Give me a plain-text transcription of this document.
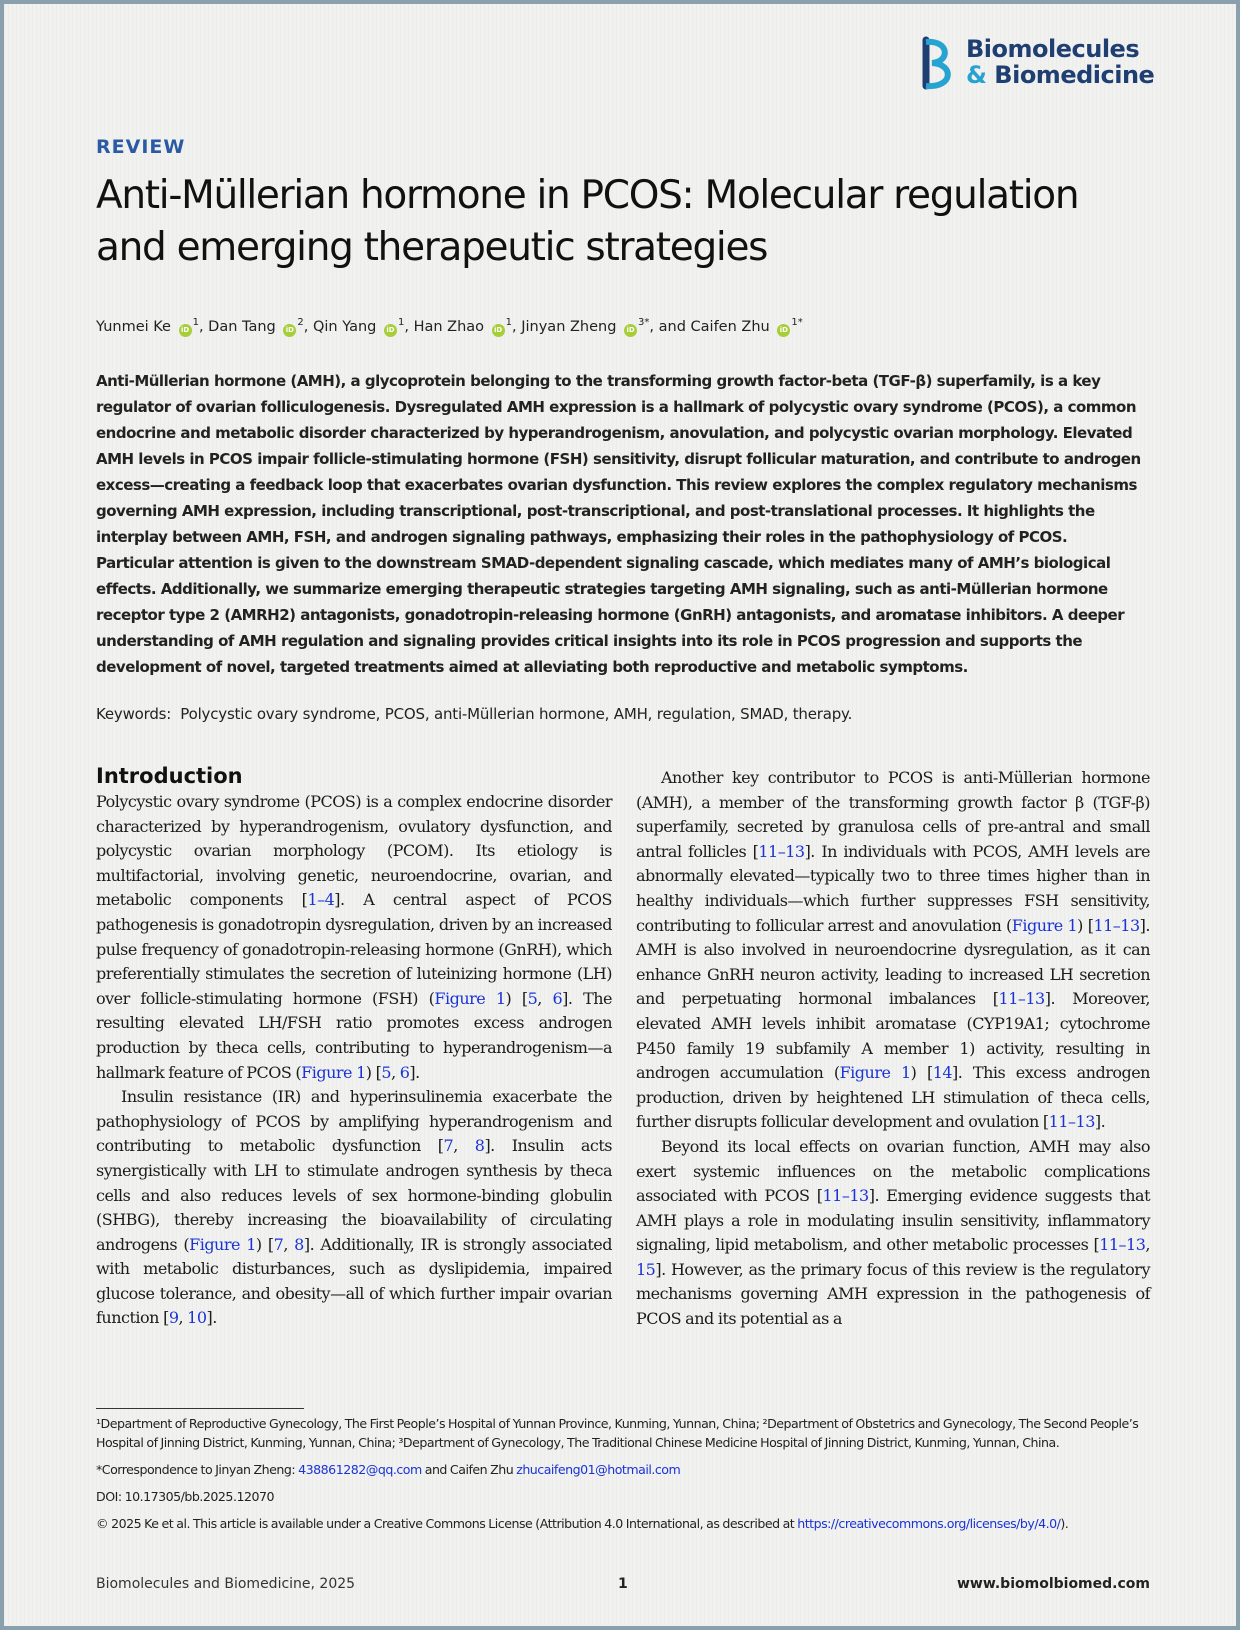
Biomolecules
& Biomedicine
REVIEW
Anti-Müllerian hormone in PCOS: Molecular regulation and emerging therapeutic strategies
Yunmei Ke $iD^1$, Dan Tang $iD^2$, Qin Yang $iD^1$, Han Zhao $iD^1$, Jinyan Zheng $iD^{3*}$, and Caifen Zhu $iD^{1*}$

Anti-Müllerian hormone (AMH), a glycoprotein belonging to the transforming growth factor-beta (TGF-β) superfamily, is a key regulator of ovarian folliculogenesis. Dysregulated AMH expression is a hallmark of polycystic ovary syndrome (PCOS), a common endocrine and metabolic disorder characterized by hyperandrogenism, anovulation, and polycystic ovarian morphology. Elevated AMH levels in PCOS impair follicle-stimulating hormone (FSH) sensitivity, disrupt follicular maturation, and contribute to androgen excess—creating a feedback loop that exacerbates ovarian dysfunction. This review explores the complex regulatory mechanisms governing AMH expression, including transcriptional, post-transcriptional, and post-translational processes. It highlights the interplay between AMH, FSH, and androgen signaling pathways, emphasizing their roles in the pathophysiology of PCOS. Particular attention is given to the downstream SMAD-dependent signaling cascade, which mediates many of AMH’s biological effects. Additionally, we summarize emerging therapeutic strategies targeting AMH signaling, such as anti-Müllerian hormone receptor type 2 (AMRH2) antagonists, gonadotropin-releasing hormone (GnRH) antagonists, and aromatase inhibitors. A deeper understanding of AMH regulation and signaling provides critical insights into its role in PCOS progression and supports the development of novel, targeted treatments aimed at alleviating both reproductive and metabolic symptoms.

Keywords: Polycystic ovary syndrome, PCOS, anti-Müllerian hormone, AMH, regulation, SMAD, therapy.
Introduction

Polycystic ovary syndrome (PCOS) is a complex endocrine disorder characterized by hyperandrogenism, ovulatory dysfunction, and polycystic ovarian morphology (PCOM). Its etiology is multifactorial, involving genetic, neuroendocrine, ovarian, and metabolic components [1–4]. A central aspect of PCOS pathogenesis is gonadotropin dysregulation, driven by an increased pulse frequency of gonadotropin-releasing hormone (GnRH), which preferentially stimulates the secretion of luteinizing hormone (LH) over follicle-stimulating hormone (FSH) (Figure 1) [5, 6]. The resulting elevated LH/FSH ratio promotes excess androgen production by theca cells, contributing to hyperandrogenism—a hallmark feature of PCOS (Figure 1) [5, 6].

Insulin resistance (IR) and hyperinsulinemia exacerbate the pathophysiology of PCOS by amplifying hyperandrogenism and contributing to metabolic dysfunction [7, 8]. Insulin acts synergistically with LH to stimulate androgen synthesis by theca cells and also reduces levels of sex hormone-binding globulin (SHBG), thereby increasing the bioavailability of circulating androgens (Figure 1) [7, 8]. Additionally, IR is strongly associated with metabolic disturbances, such as dyslipidemia, impaired glucose tolerance, and obesity—all of which further impair ovarian function [9, 10].

Another key contributor to PCOS is anti-Müllerian hormone (AMH), a member of the transforming growth factor β (TGF-β) superfamily, secreted by granulosa cells of pre-antral and small antral follicles [11–13]. In individuals with PCOS, AMH levels are abnormally elevated—typically two to three times higher than in healthy individuals—which further suppresses FSH sensitivity, contributing to follicular arrest and anovulation (Figure 1) [11–13]. AMH is also involved in neuroendocrine dysregulation, as it can enhance GnRH neuron activity, leading to increased LH secretion and perpetuating hormonal imbalances [11–13]. Moreover, elevated AMH levels inhibit aromatase (CYP19A1; cytochrome P450 family 19 subfamily A member 1) activity, resulting in androgen accumulation (Figure 1) [14]. This excess androgen production, driven by heightened LH stimulation of theca cells, further disrupts follicular development and ovulation [11–13].

Beyond its local effects on ovarian function, AMH may also exert systemic influences on the metabolic complications associated with PCOS [11–13]. Emerging evidence suggests that AMH plays a role in modulating insulin sensitivity, inflammatory signaling, lipid metabolism, and other metabolic processes [11–13, 15]. However, as the primary focus of this review is the regulatory mechanisms governing AMH expression in the pathogenesis of PCOS and its potential as a

¹Department of Reproductive Gynecology, The First People’s Hospital of Yunnan Province, Kunming, Yunnan, China; ²Department of Obstetrics and Gynecology, The Second People’s Hospital of Jinning District, Kunming, Yunnan, China; ³Department of Gynecology, The Traditional Chinese Medicine Hospital of Jinning District, Kunming, Yunnan, China.

*Correspondence to Jinyan Zheng: 438861282@qq.com and Caifen Zhu zhucaifeng01@hotmail.com

DOI: 10.17305/bb.2025.12070

© 2025 Ke et al. This article is available under a Creative Commons License (Attribution 4.0 International, as described at https://creativecommons.org/licenses/by/4.0/).

Biomolecules and Biomedicine, 2025	1	www.biomolbiomed.com
